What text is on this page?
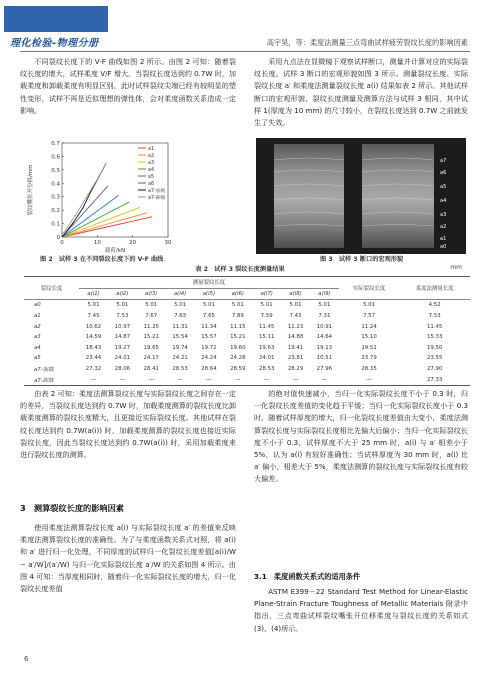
理化检验-物理分册	高宇昊，等：柔度法测量三点弯曲试样疲劳裂纹长度的影响因素

不同裂纹长度下的 V-F 曲线如图 2 所示。由图 2 可知：随着裂纹长度的增大，试样柔度 V/F 增大，当裂纹长度达到约 0.7W 时，加载柔度和卸载柔度有明显区别，此时试样裂纹尖端已经有较明显的塑性变形，试样不再是近似理想的弹性体，会对柔度函数关系造成一定影响。

采用九点法在显微镜下观察试样断口，测量并计算对应的实际裂纹长度，试样 3 断口的宏观形貌如图 3 所示。测量裂纹长度、实际裂纹长度 a′ 和柔度法测量裂纹长度 a(i) 结果如表 2 所示。其他试样断口的宏观形貌、裂纹长度测量及测算方法与试样 3 相同，其中试样 1(厚度为 10 mm) 的尺寸较小，在裂纹长度达到 0.7W 之前就发生了失效。

0	10	20	30
0
0.1
0.2
0.3
0.4
0.5
0.6
0.7
载荷/kN
裂纹嘴张开位移/mm
a1
a2
a3
a4
a5
a6
a7-加载
a7-卸载
图 2　试样 3 在不同裂纹长度下的 V-F 曲线
a7
a6
a5
a4
a3
a2
a1
a0
图 3　试样 3 断口的宏观形貌
表 2　试样 3 裂纹长度测量结果	mm
裂纹长度	测量裂纹长度									实际裂纹长度	柔度法测量长度
	a(i1)	a(i2)	a(i3)	a(i4)	a(i5)	a(i6)	a(i7)	a(i8)	a(i9)		
a0	5.01	5.01	5.01	5.01	5.01	5.01	5.01	5.01	5.01	5.01	4.52
a1	7.45	7.53	7.67	7.63	7.65	7.89	7.59	7.43	7.31	7.57	7.53
a2	10.62	10.97	11.25	11.31	11.34	11.15	11.45	11.23	10.91	11.24	11.45
a3	14.59	14.87	15.21	15.54	15.57	15.21	15.11	14.88	14.64	15.10	15.33
a4	18.43	19.27	19.65	19.74	19.72	19.60	19.63	19.41	19.13	19.51	19.50
a5	23.44	24.01	24.17	24.21	24.24	24.28	24.01	23.81	10.51	23.79	23.55
a7-加载	27.32	28.06	28.41	28.53	28.64	28.59	28.53	28.29	27.96	28.35	27.90
a7-卸载	—	—	—	—	—	—	—	—	—	—	27.33

由表 2 可知：柔度法测算裂纹长度与实际裂纹长度之间存在一定的差异，当裂纹长度达到约 0.7W 时，加载柔度测算的裂纹长度比卸载柔度测算的裂纹长度精大，且更接近实际裂纹长度。其他试样在裂纹长度达到约 0.7W(a(i)) 时，加载柔度测算的裂纹长度也接近实际裂纹长度，因此当裂纹长度达到约 0.7W(a(i)) 时，采用加载柔度来进行裂纹长度的测算。

3　测算裂纹长度的影响因素

使用柔度法测算裂纹长度 a(i) 与实际裂纹长度 a′ 的差值来反映柔度法测算裂纹长度的准确性。为了与柔度函数关系式对照，将 a(i) 和 a′ 进行归一化处理，不同厚度的试样归一化裂纹长度差值[a(i)/W − a′/W]/(a′/W) 与归一化实际裂纹长度 a′/W 的关系如图 4 所示。由图 4 可知：当厚度相同时，随着归一化实际裂纹长度的增大，归一化裂纹长度差值

的绝对值快速减小，当归一化实际裂纹长度不小于 0.3 时，归一化裂纹长度差值的变化趋于平缓；当归一化实际裂纹长度小于 0.3 时，随着试样厚度的增大，归一化裂纹长度差值由大变小，柔度法测算裂纹长度与实际裂纹长度相比先偏大后偏小；当归一化实际裂纹长度不小于 0.3，试样厚度不大于 25 mm 时，a(i) 与 a′ 相差小于 5%，认为 a(i) 有较好准确性；当试样厚度为 30 mm 时，a(i) 比 a′ 偏小，相差大于 5%，柔度法测算的裂纹长度与实际裂纹长度有较大偏差。

3.1　柔度函数关系式的适用条件

ASTM E399－22 Standard Test Method for Linear-Elastic Plane-Strain Fracture Toughness of Metallic Materials 附录中指出，三点弯曲试样裂纹嘴张开位移柔度与裂纹长度的关系如式(3)、(4)所示。

6
